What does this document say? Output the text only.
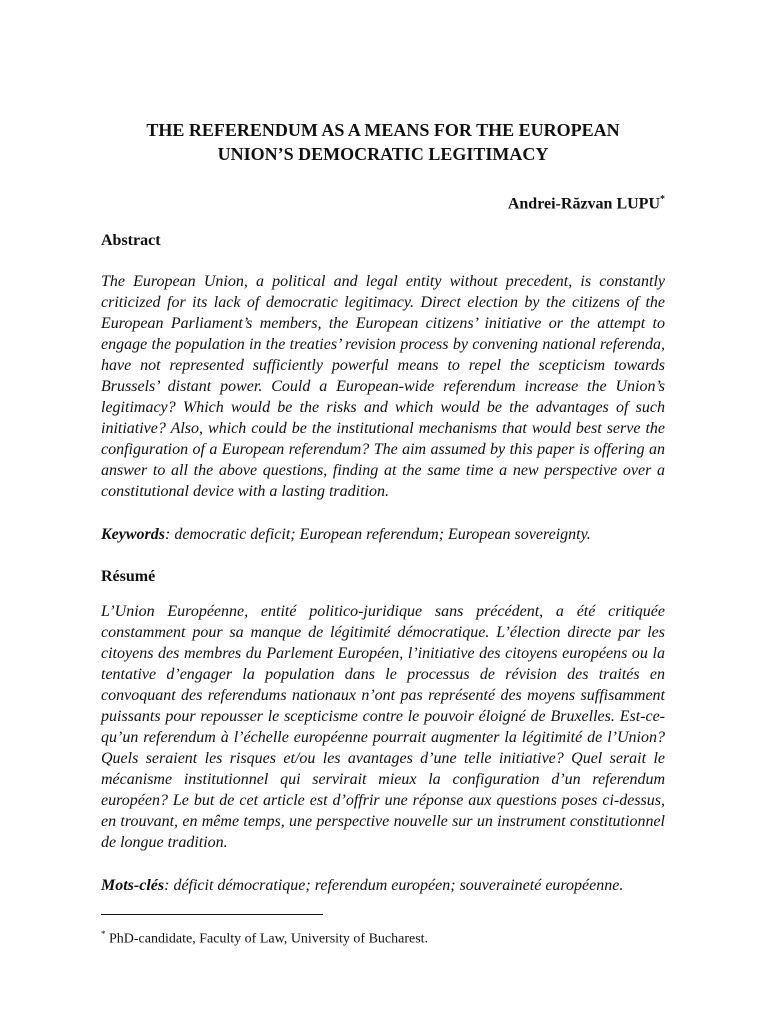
THE REFERENDUM AS A MEANS FOR THE EUROPEAN
UNION’S DEMOCRATIC LEGITIMACY

Andrei-Răzvan LUPU*

Abstract

The European Union, a political and legal entity without precedent, is constantly criticized for its lack of democratic legitimacy. Direct election by the citizens of the European Parliament’s members, the European citizens’ initiative or the attempt to engage the population in the treaties’ revision process by convening national referenda, have not represented sufficiently powerful means to repel the scepticism towards Brussels’ distant power. Could a European-wide referendum increase the Union’s legitimacy? Which would be the risks and which would be the advantages of such initiative? Also, which could be the institutional mechanisms that would best serve the configuration of a European referendum? The aim assumed by this paper is offering an answer to all the above questions, finding at the same time a new perspective over a constitutional device with a lasting tradition.

Keywords: democratic deficit; European referendum; European sovereignty.

Résumé

L’Union Européenne, entité politico-juridique sans précédent, a été critiquée constamment pour sa manque de légitimité démocratique. L’élection directe par les citoyens des membres du Parlement Européen, l’initiative des citoyens européens ou la tentative d’engager la population dans le processus de révision des traités en convoquant des referendums nationaux n’ont pas représenté des moyens suffisamment puissants pour repousser le scepticisme contre le pouvoir éloigné de Bruxelles. Est-ce-qu’un referendum à l’échelle européenne pourrait augmenter la légitimité de l’Union? Quels seraient les risques et/ou les avantages d’une telle initiative? Quel serait le mécanisme institutionnel qui servirait mieux la configuration d’un referendum européen? Le but de cet article est d’offrir une réponse aux questions poses ci-dessus, en trouvant, en même temps, une perspective nouvelle sur un instrument constitutionnel de longue tradition.

Mots-clés: déficit démocratique; referendum européen; souveraineté européenne.

* PhD-candidate, Faculty of Law, University of Bucharest.
